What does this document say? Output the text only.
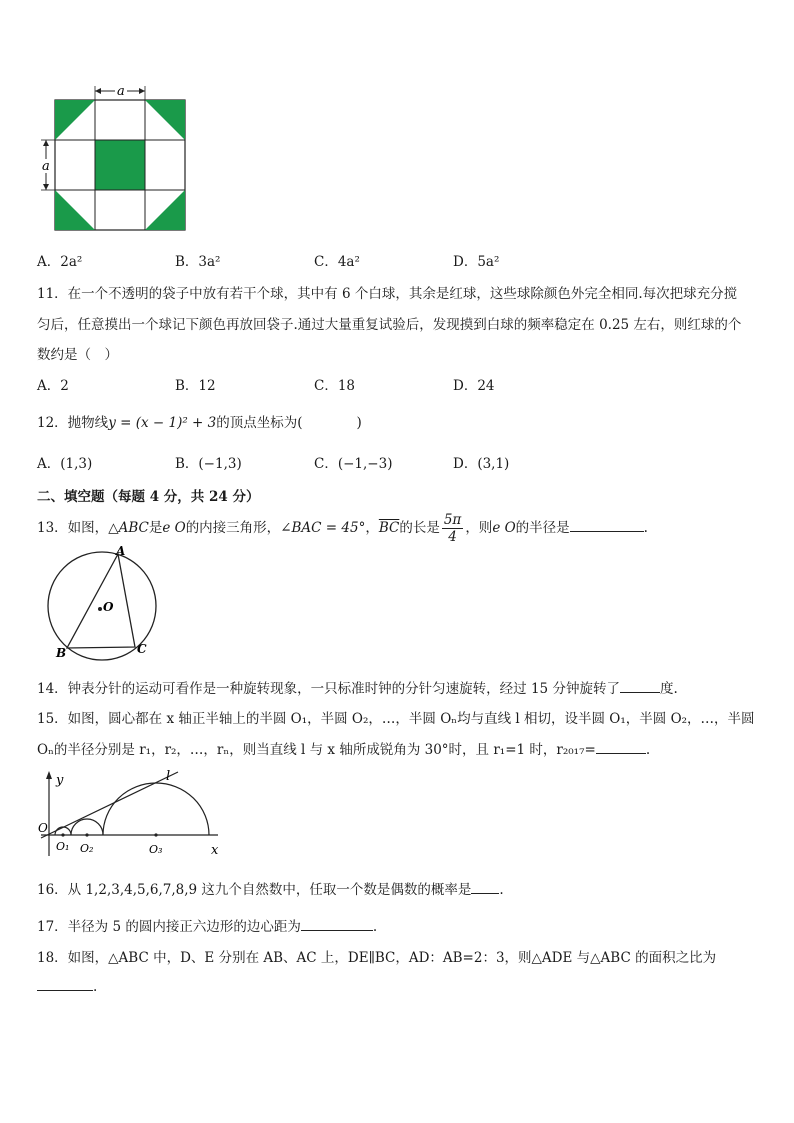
a
a
A．2a²	B．3a²	C．4a²	D．5a²
11．在一个不透明的袋子中放有若干个球，其中有 6 个白球，其余是红球，这些球除颜色外完全相同.每次把球充分搅
匀后，任意摸出一个球记下颜色再放回袋子.通过大量重复试验后，发现摸到白球的频率稳定在 0.25 左右，则红球的个
数约是（　）
A．2	B．12	C．18	D．24
12．抛物线y = (x − 1)² + 3的顶点坐标为(　　　　)
A．(1,3)	B．(−1,3)	C．(−1,−3)	D．(3,1)
二、填空题（每题 4 分，共 24 分）
13．如图，△ABC是e O的内接三角形，∠BAC = 45°，$\overline{BC}$的长是 $\frac{5\pi}{4}$ ，则e O的半径是	.
A
B	C
O
14．钟表分针的运动可看作是一种旋转现象，一只标准时钟的分针匀速旋转，经过 15 分钟旋转了	度.
15．如图，圆心都在 x 轴正半轴上的半圆 O₁，半圆 O₂，…，半圆 Oₙ均与直线 l 相切，设半圆 O₁，半圆 O₂，…，半圆
Oₙ的半径分别是 r₁，r₂，…，rₙ，则当直线 l 与 x 轴所成锐角为 30°时，且 r₁=1 时，r₂₀₁₇=	.
y	l
O
O₁ O₂	O₃	x
16．从 1,2,3,4,5,6,7,8,9 这九个自然数中，任取一个数是偶数的概率是 .
17．半径为 5 的圆内接正六边形的边心距为	.
18．如图，△ABC 中，D、E 分别在 AB、AC 上，DE∥BC，AD：AB=2：3，则△ADE 与△ABC 的面积之比为
.
